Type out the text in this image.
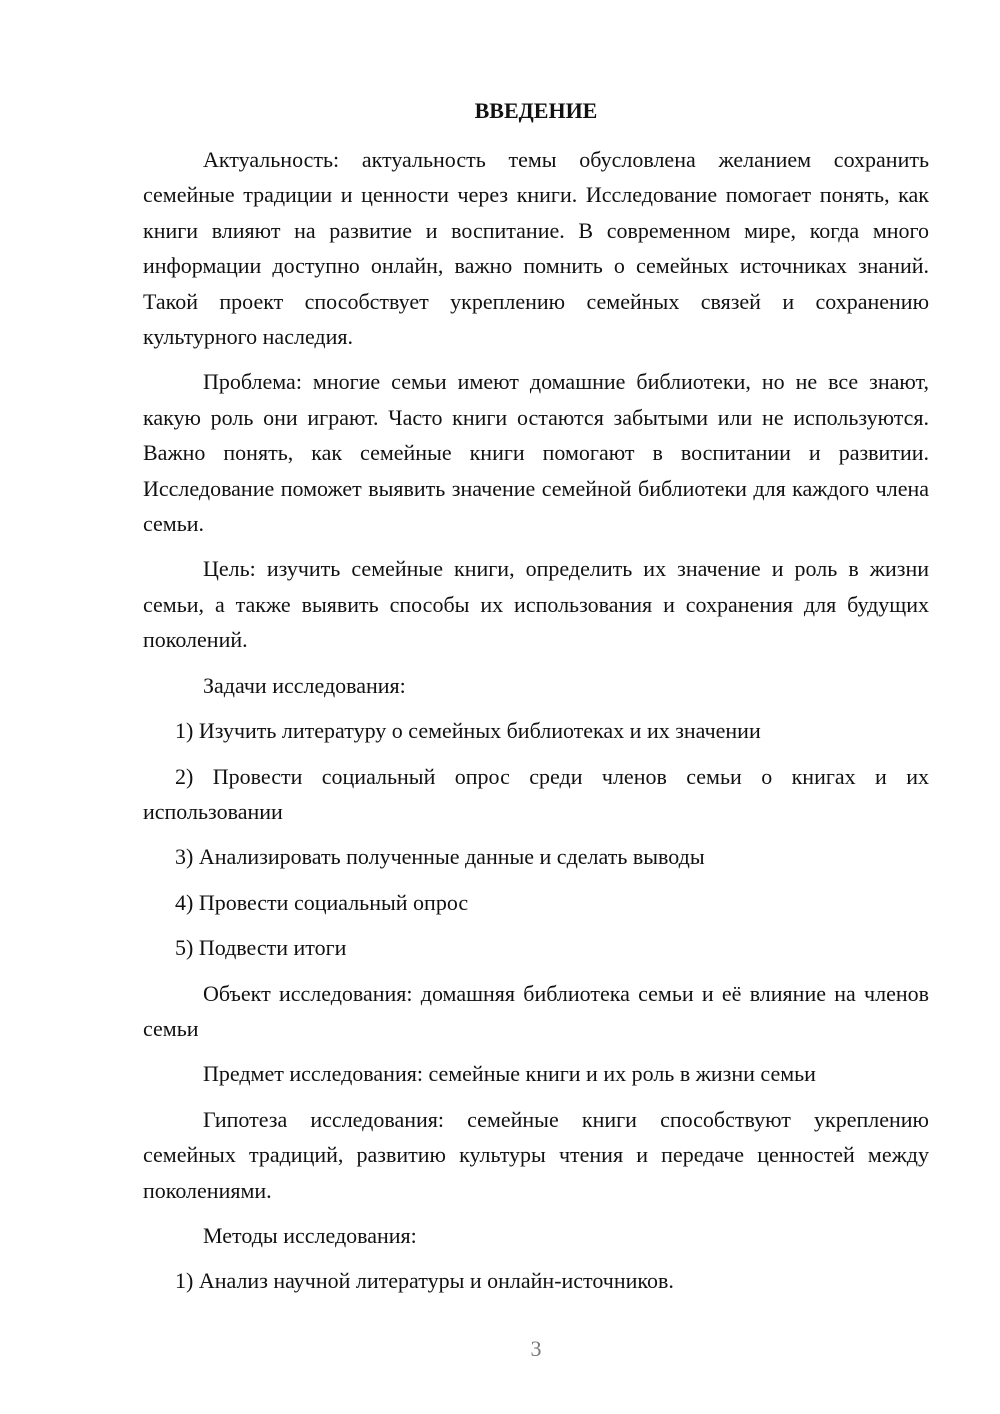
ВВЕДЕНИЕ

Актуальность: актуальность темы обусловлена желанием сохранить семейные традиции и ценности через книги. Исследование помогает понять, как книги влияют на развитие и воспитание. В современном мире, когда много информации доступно онлайн, важно помнить о семейных источниках знаний. Такой проект способствует укреплению семейных связей и сохранению культурного наследия.

Проблема: многие семьи имеют домашние библиотеки, но не все знают, какую роль они играют. Часто книги остаются забытыми или не используются. Важно понять, как семейные книги помогают в воспитании и развитии. Исследование поможет выявить значение семейной библиотеки для каждого члена семьи.

Цель: изучить семейные книги, определить их значение и роль в жизни семьи, а также выявить способы их использования и сохранения для будущих поколений.

Задачи исследования:

1) Изучить литературу о семейных библиотеках и их значении

2) Провести социальный опрос среди членов семьи о книгах и их использовании

3) Анализировать полученные данные и сделать выводы

4) Провести социальный опрос

5) Подвести итоги

Объект исследования: домашняя библиотека семьи и её влияние на членов семьи

Предмет исследования: семейные книги и их роль в жизни семьи

Гипотеза исследования: семейные книги способствуют укреплению семейных традиций, развитию культуры чтения и передаче ценностей между поколениями.

Методы исследования:

1) Анализ научной литературы и онлайн-источников.

3
